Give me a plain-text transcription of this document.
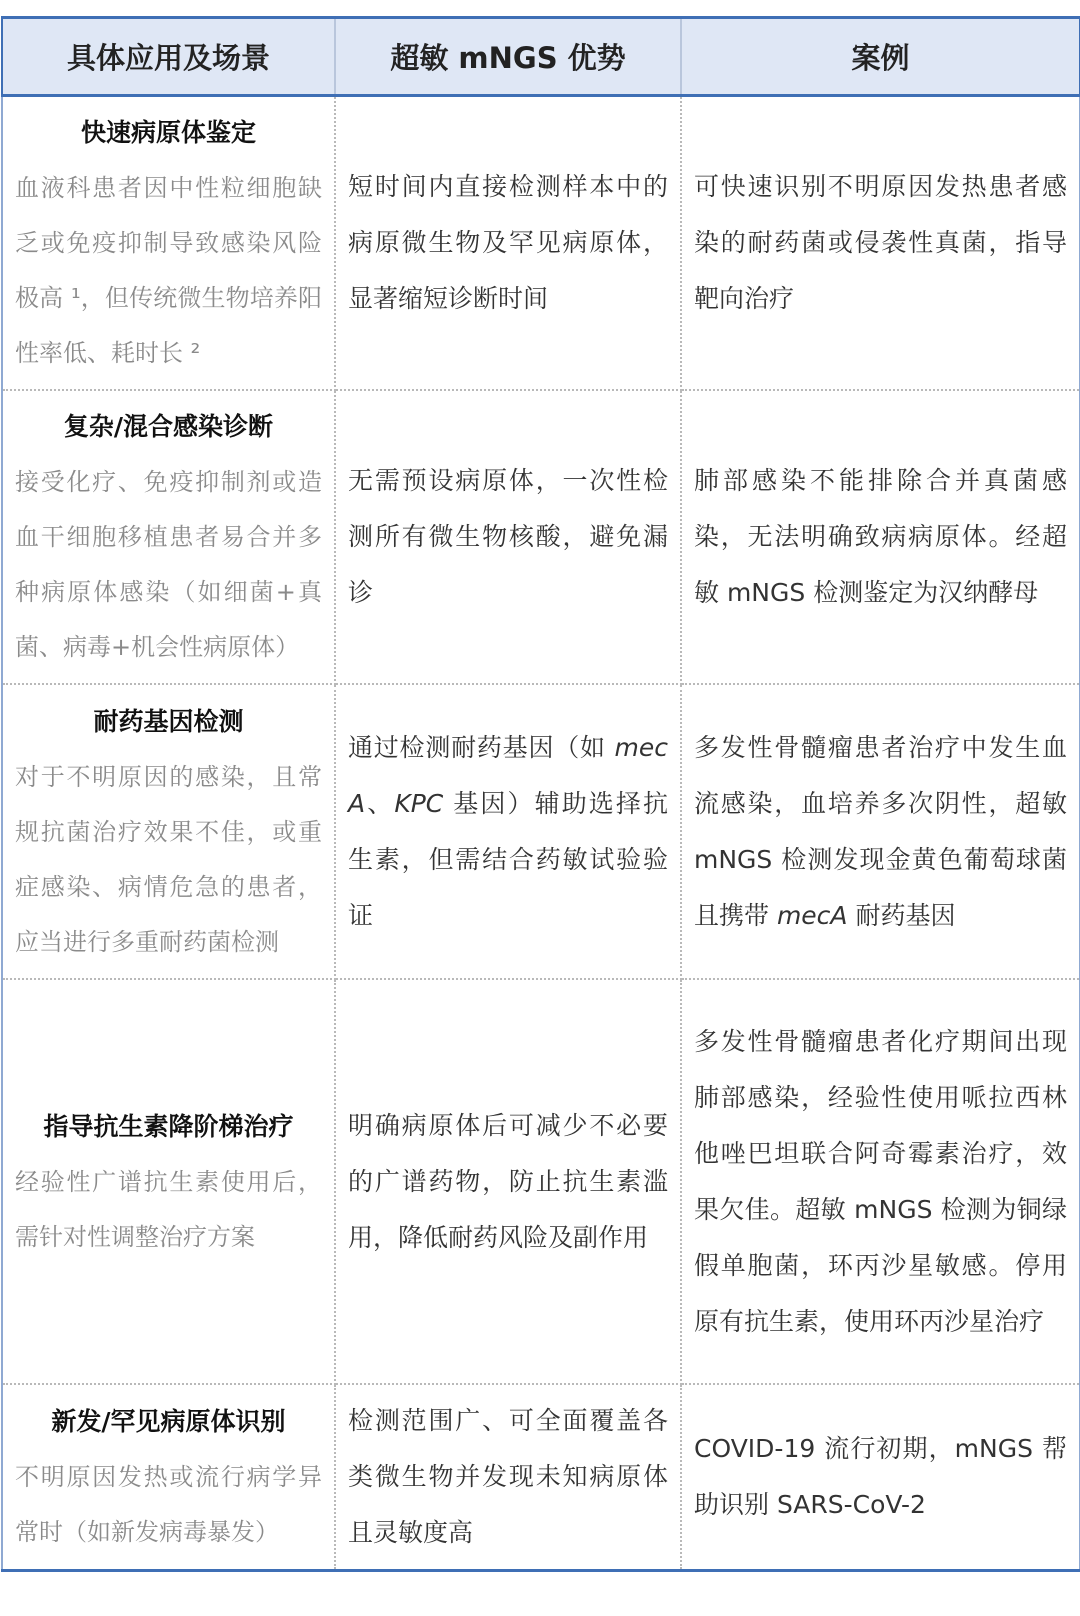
具体应用及场景	超敏 mNGS 优势	案例

快速病原体鉴定
血液科患者因中性粒细胞缺乏或免疫抑制导致感染风险极高 ¹，但传统微生物培养阳性率低、耗时长 ²	短时间内直接检测样本中的病原微生物及罕见病原体，显著缩短诊断时间	可快速识别不明原因发热患者感染的耐药菌或侵袭性真菌，指导靶向治疗

复杂/混合感染诊断
接受化疗、免疫抑制剂或造血干细胞移植患者易合并多种病原体感染（如细菌+真菌、病毒+机会性病原体）	无需预设病原体，一次性检测所有微生物核酸，避免漏诊	肺部感染不能排除合并真菌感染，无法明确致病病原体。经超敏 mNGS 检测鉴定为汉纳酵母

耐药基因检测
对于不明原因的感染，且常规抗菌治疗效果不佳，或重症感染、病情危急的患者，应当进行多重耐药菌检测	通过检测耐药基因（如 mecA、KPC 基因）辅助选择抗生素，但需结合药敏试验验证	多发性骨髓瘤患者治疗中发生血流感染，血培养多次阴性，超敏 mNGS 检测发现金黄色葡萄球菌且携带 mecA 耐药基因

指导抗生素降阶梯治疗
经验性广谱抗生素使用后，需针对性调整治疗方案	明确病原体后可减少不必要的广谱药物，防止抗生素滥用，降低耐药风险及副作用	多发性骨髓瘤患者化疗期间出现肺部感染，经验性使用哌拉西林他唑巴坦联合阿奇霉素治疗，效果欠佳。超敏 mNGS 检测为铜绿假单胞菌，环丙沙星敏感。停用原有抗生素，使用环丙沙星治疗

新发/罕见病原体识别
不明原因发热或流行病学异常时（如新发病毒暴发）	检测范围广、可全面覆盖各类微生物并发现未知病原体且灵敏度高	COVID-19 流行初期，mNGS 帮助识别 SARS-CoV-2
